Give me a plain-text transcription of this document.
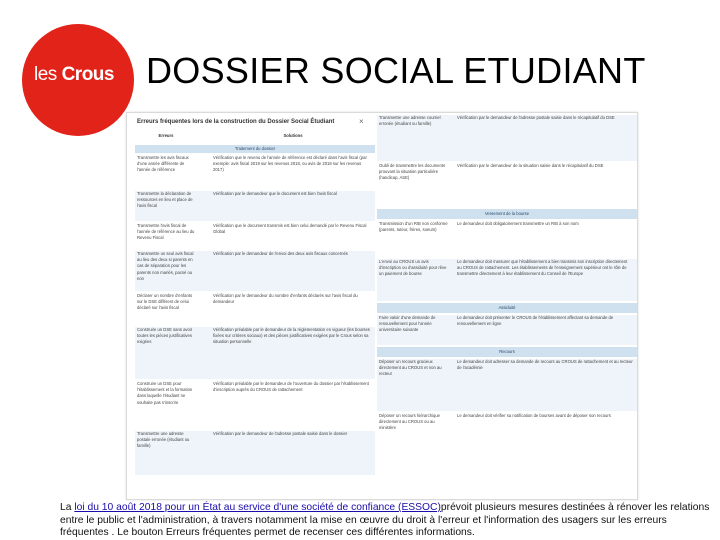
les Crous DOSSIER SOCIAL ETUDIANT
Erreurs fréquentes lors de la construction du Dossier Social Étudiant	×
Erreurs	Solutions
Traitement du dossier
Transmettre les avis fiscaux d'une année différente de l'année de référence
Vérification que le revenu de l'année de référence est déclaré dans l'avis fiscal (par exemple: avis fiscal 2019 sur les revenus 2018, ou avis de 2018 sur les revenus 2017)
Transmettre la déclaration de ressources en lieu et place de l'avis fiscal
Vérification par le demandeur que le document est bien l'avis fiscal
Transmettre l'avis fiscal de l'année de référence au lieu du Revenu Fiscal
Vérification que le document transmis est bien celui demandé par le Revenu Fiscal Global
Transmettre un seul avis fiscal au lieu des deux si parents en cas de séparation pour les parents non mariés, pacsé ou non
Vérification par le demandeur de l'envoi des deux avis fiscaux concernés
Déclarer un nombre d'enfants sur le DSE différent de celui déclaré sur l'avis fiscal
Vérification par le demandeur du nombre d'enfants déclarés sur l'avis fiscal du demandeur
Construire un DSE sans avoir toutes les pièces justificatives exigées
Vérification préalable par le demandeur de la réglementation en vigueur (les bourses fixées sur critères sociaux) et des pièces justificatives exigées par le Crous selon sa situation personnelle
Construire un DSE pour l'établissement et la formation dans laquelle l'étudiant ne souhaite pas s'inscrire
Vérification préalable par le demandeur de l'ouverture du dossier par l'établissement d'inscription auprès du CROUS de rattachement
Transmettre une adresse postale erronée (étudiant ou famille)
Vérification par le demandeur de l'adresse postale saisie dans le dossier
Transmettre une adresse courriel erronée (étudiant ou famille)
Vérification par le demandeur de l'adresse postale saisie dans le récapitulatif du DSE
Oubli de transmettre les documents prouvant la situation particulière (handicap, ASE)
Vérification par le demandeur de la situation saisie dans le récapitulatif du DSE
Versement de la bourse
Transmission d'un RIB non conforme (parents, tuteur, frères, soeurs)
Le demandeur doit obligatoirement transmettre un RIB à son nom
L'envoi au CROUS un avis d'inscription ou d'assiduité pour rêve un paiement de bourse
Le demandeur doit s'assurer que l'établissement a bien transmis son inscription directement au CROUS de rattachement. Les établissements de l'enseignement supérieur ont le rôle de transmettre directement à leur établissement du Conseil de l'Europe
Assiduité
Faire valoir d'une demande de renouvellement pour l'année universitaire suivante
Le demandeur doit présenter le CROUS de l'établissement affectant sa demande de renouvellement en ligne
Recours
Déposer un recours gracieux directement au CROUS et non au recteur
Le demandeur doit adresser sa demande de recours au CROUS de rattachement et au recteur de l'académie
Déposer un recours hiérarchique directement au CROUS ou au ministère
Le demandeur doit vérifier sa notification de bourses avant de déposer son recours
La loi du 10 août 2018 pour un État au service d'une société de confiance (ESSOC)prévoit plusieurs mesures destinées à rénover les relations entre le public et l'administration, à travers notamment la mise en œuvre du droit à l'erreur et l'information des usagers sur les erreurs fréquentes . Le bouton Erreurs fréquentes permet de recenser ces différentes informations.
